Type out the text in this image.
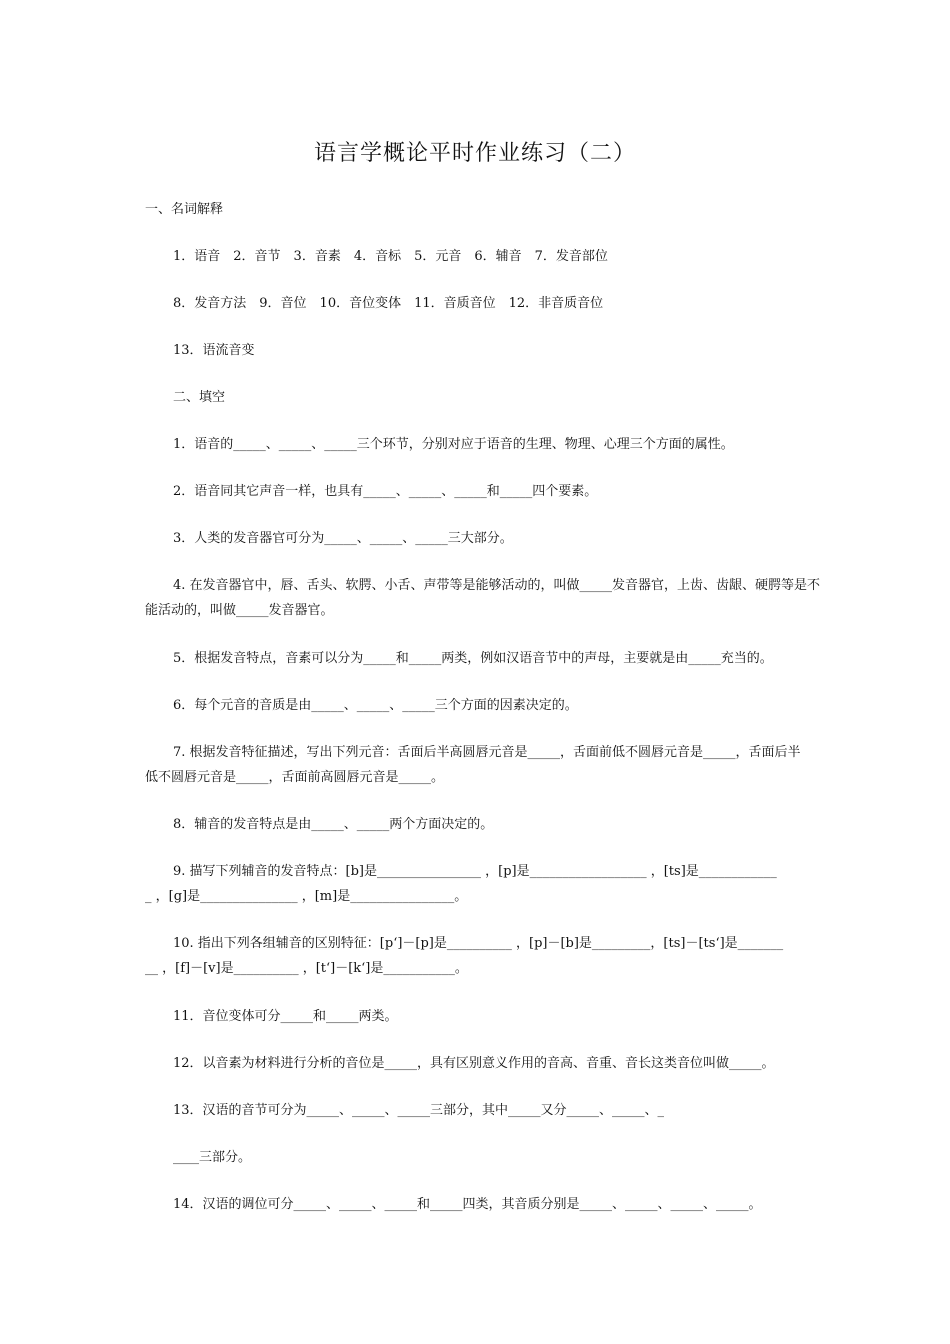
语言学概论平时作业练习（二）
一、名词解释
1．语音　2．音节　3．音素　4．音标　5．元音　6．辅音　7．发音部位
8．发音方法　9．音位　10．音位变体　11．音质音位　12．非音质音位
13．语流音变
二、填空
1．语音的_____、_____、_____三个环节，分别对应于语音的生理、物理、心理三个方面的属性。
2．语音同其它声音一样，也具有_____、_____、_____和_____四个要素。
3．人类的发音器官可分为_____、_____、_____三大部分。
4. 在发音器官中，唇、舌头、软腭、小舌、声带等是能够活动的，叫做_____发音器官，上齿、齿龈、硬腭等是不
能活动的，叫做_____发音器官。
5．根据发音特点，音素可以分为_____和_____两类，例如汉语音节中的声母，主要就是由_____充当的。
6．每个元音的音质是由_____、_____、_____三个方面的因素决定的。
7. 根据发音特征描述，写出下列元音：舌面后半高圆唇元音是_____，舌面前低不圆唇元音是_____，舌面后半
低不圆唇元音是_____，舌面前高圆唇元音是_____。
8．辅音的发音特点是由_____、_____两个方面决定的。
9. 描写下列辅音的发音特点：[b]是________________ ，[p]是__________________ ，[ts]是____________
_ ，[g]是_______________ ，[m]是________________。
10. 指出下列各组辅音的区别特征：[p‘]－[p]是__________ ，[p]－[b]是_________，[ts]－[ts‘]是_______
__ ，[f]－[v]是__________ ，[t‘]－[k‘]是___________。
11．音位变体可分_____和_____两类。
12．以音素为材料进行分析的音位是_____，具有区别意义作用的音高、音重、音长这类音位叫做_____。
13．汉语的音节可分为_____、_____、_____三部分，其中_____又分_____、_____、_
____三部分。
14．汉语的调位可分_____、_____、_____和_____四类，其音质分别是_____、_____、_____、_____。
